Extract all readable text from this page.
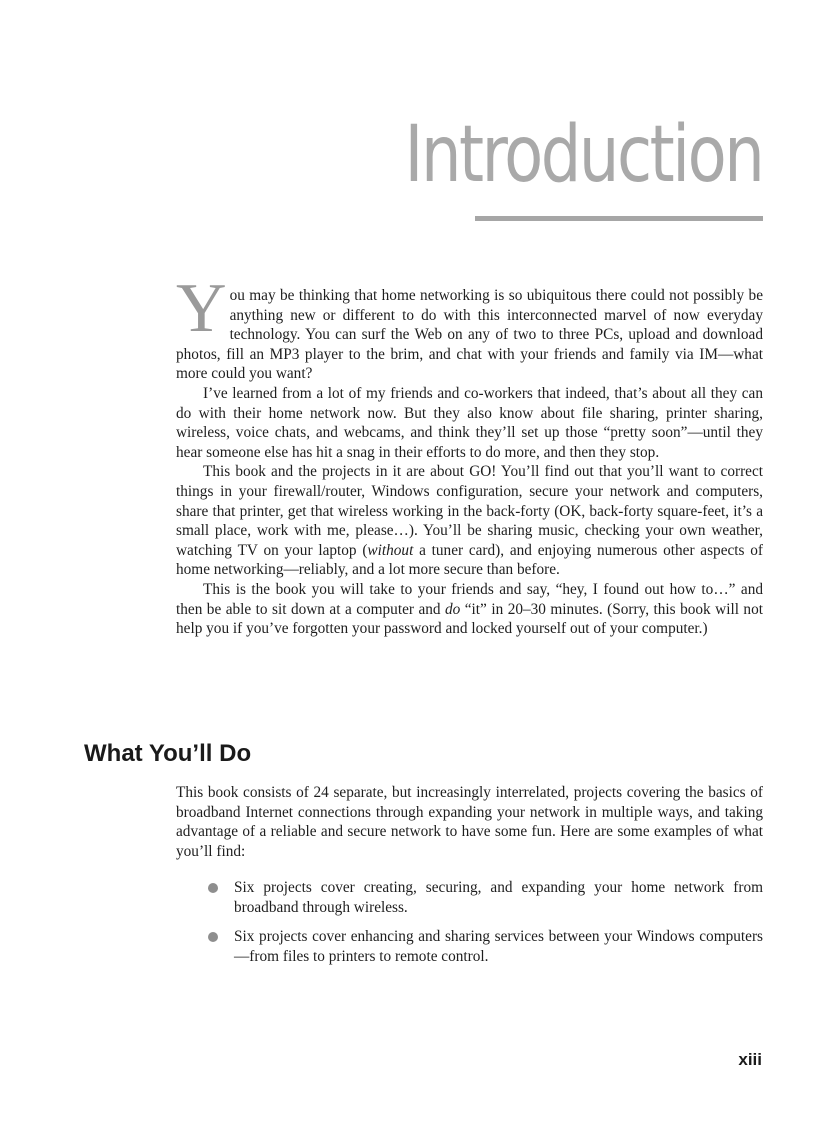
Introduction

You may be thinking that home networking is so ubiquitous there could not possibly be anything new or different to do with this interconnected marvel of now everyday technology. You can surf the Web on any of two to three PCs, upload and download photos, fill an MP3 player to the brim, and chat with your friends and family via IM—what more could you want?

I’ve learned from a lot of my friends and co-workers that indeed, that’s about all they can do with their home network now. But they also know about file sharing, printer sharing, wireless, voice chats, and webcams, and think they’ll set up those “pretty soon”—until they hear someone else has hit a snag in their efforts to do more, and then they stop.

This book and the projects in it are about GO! You’ll find out that you’ll want to correct things in your firewall/router, Windows configuration, secure your network and computers, share that printer, get that wireless working in the back-forty (OK, back-forty square-feet, it’s a small place, work with me, please…). You’ll be sharing music, checking your own weather, watching TV on your laptop (without a tuner card), and enjoying numerous other aspects of home networking—reliably, and a lot more secure than before.

This is the book you will take to your friends and say, “hey, I found out how to…” and then be able to sit down at a computer and do “it” in 20–30 minutes. (Sorry, this book will not help you if you’ve forgotten your password and locked yourself out of your computer.)

What You’ll Do

This book consists of 24 separate, but increasingly interrelated, projects covering the basics of broadband Internet connections through expanding your network in multiple ways, and taking advantage of a reliable and secure network to have some fun. Here are some examples of what you’ll find:

Six projects cover creating, securing, and expanding your home network from broadband through wireless.
Six projects cover enhancing and sharing services between your Windows computers—from files to printers to remote control.

xiii
